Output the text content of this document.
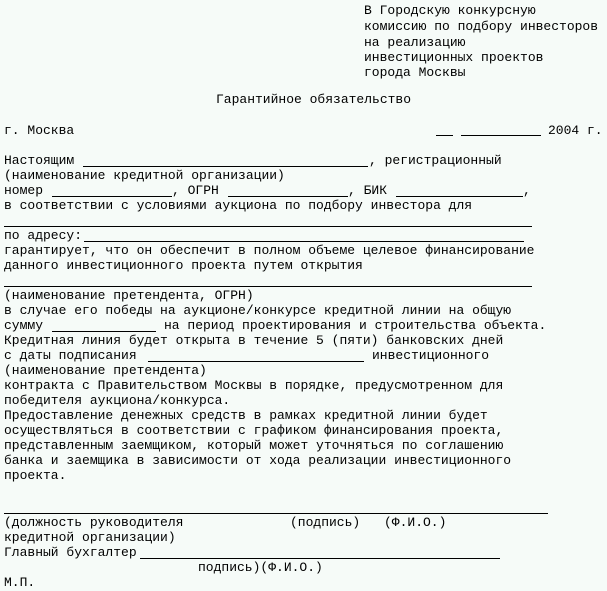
В Городскую конкурсную
комиссию по подбору инвесторов
на реализацию
инвестиционных проектов
города Москвы
Гарантийное обязательство
г. Москва	2004 г.
Настоящим	, регистрационный
(наименование кредитной организации)
номер	, ОГРН	, БИК	,
в соответствии с условиями аукциона по подбору инвестора для
по адресу:
гарантирует, что он обеспечит в полном объеме целевое финансирование
данного инвестиционного проекта путем открытия
(наименование претендента, ОГРН)
в случае его победы на аукционе/конкурсе кредитной линии на общую
сумму	на период проектирования и строительства объекта.
Кредитная линия будет открыта в течение 5 (пяти) банковских дней
с даты подписания	инвестиционного
(наименование претендента)
контракта с Правительством Москвы в порядке, предусмотренном для
победителя аукциона/конкурса.
Предоставление денежных средств в рамках кредитной линии будет
осуществляться в соответствии с графиком финансирования проекта,
представленным заемщиком, который может уточняться по соглашению
банка и заемщика в зависимости от хода реализации инвестиционного
проекта.
(должность руководителя	(подпись) (Ф.И.О.)
кредитной организации)
Главный бухгалтер
подпись)(Ф.И.О.)
М.П.
